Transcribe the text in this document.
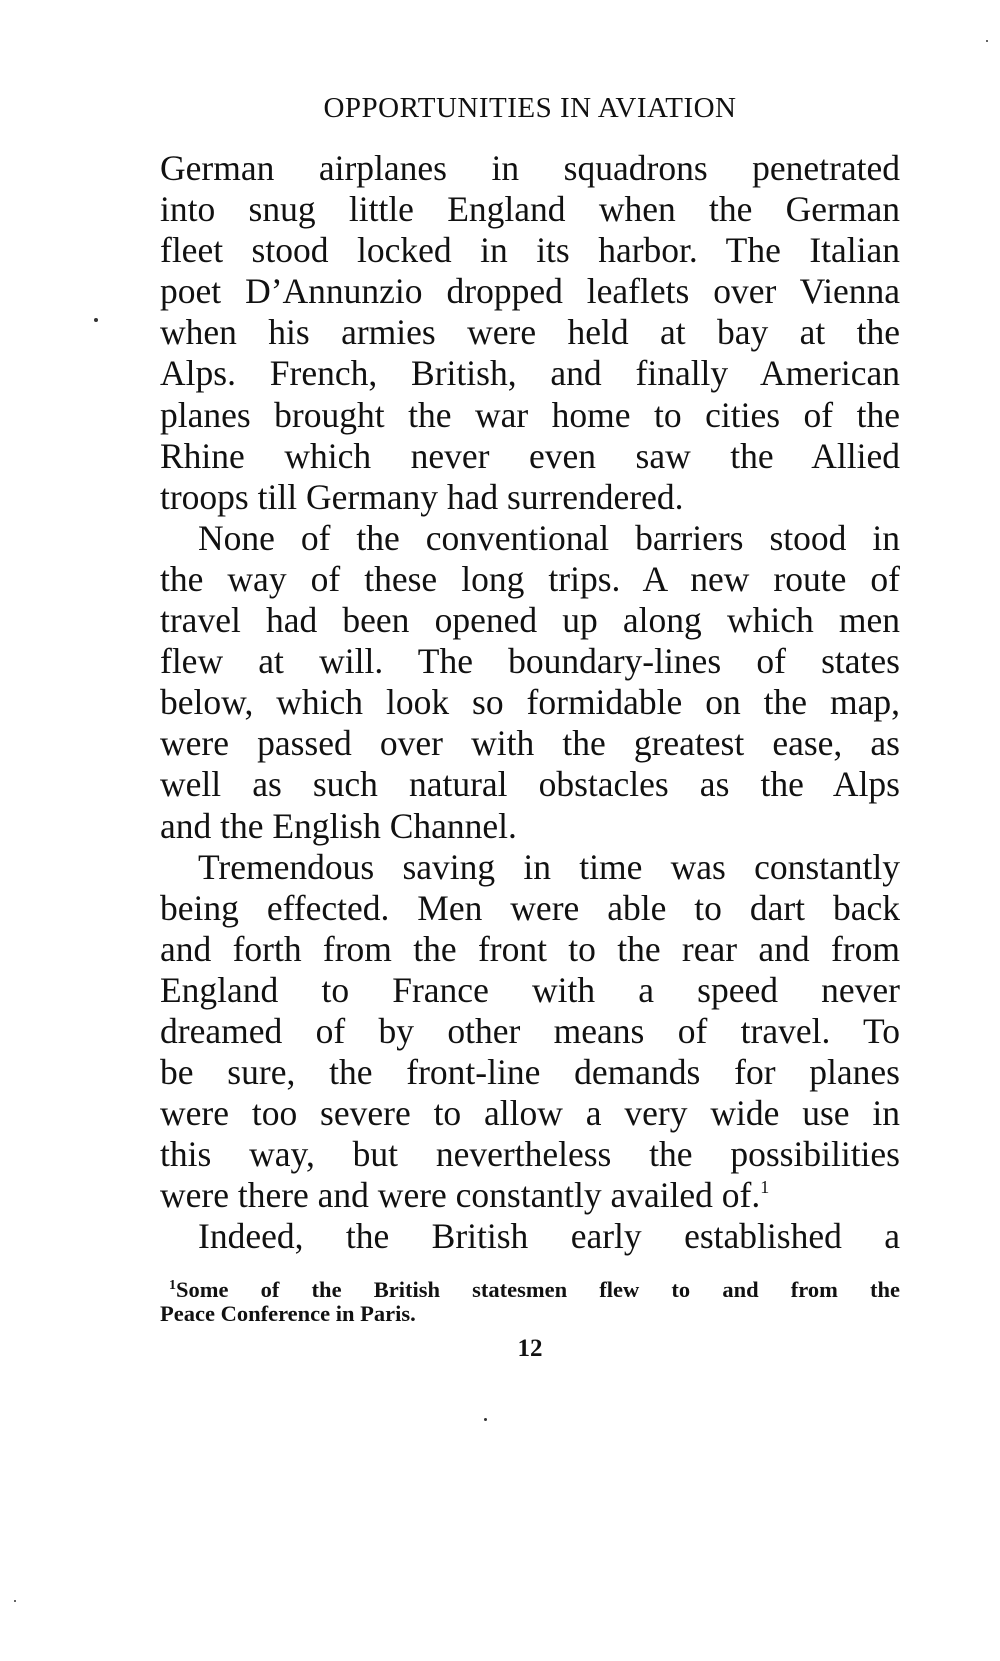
OPPORTUNITIES IN AVIATION
German airplanes in squadrons penetrated
into snug little England when the German
fleet stood locked in its harbor. The Italian
poet D’Annunzio dropped leaflets over Vienna
when his armies were held at bay at the
Alps. French, British, and finally American
planes brought the war home to cities of the
Rhine which never even saw the Allied
troops till Germany had surrendered.
None of the conventional barriers stood in
the way of these long trips. A new route of
travel had been opened up along which men
flew at will. The boundary-lines of states
below, which look so formidable on the map,
were passed over with the greatest ease, as
well as such natural obstacles as the Alps
and the English Channel.
Tremendous saving in time was constantly
being effected. Men were able to dart back
and forth from the front to the rear and from
England to France with a speed never
dreamed of by other means of travel. To
be sure, the front-line demands for planes
were too severe to allow a very wide use in
this way, but nevertheless the possibilities
were there and were constantly availed of.$^1$
Indeed, the British early established a
$^1$Some of the British statesmen flew to and from the
Peace Conference in Paris.
12
